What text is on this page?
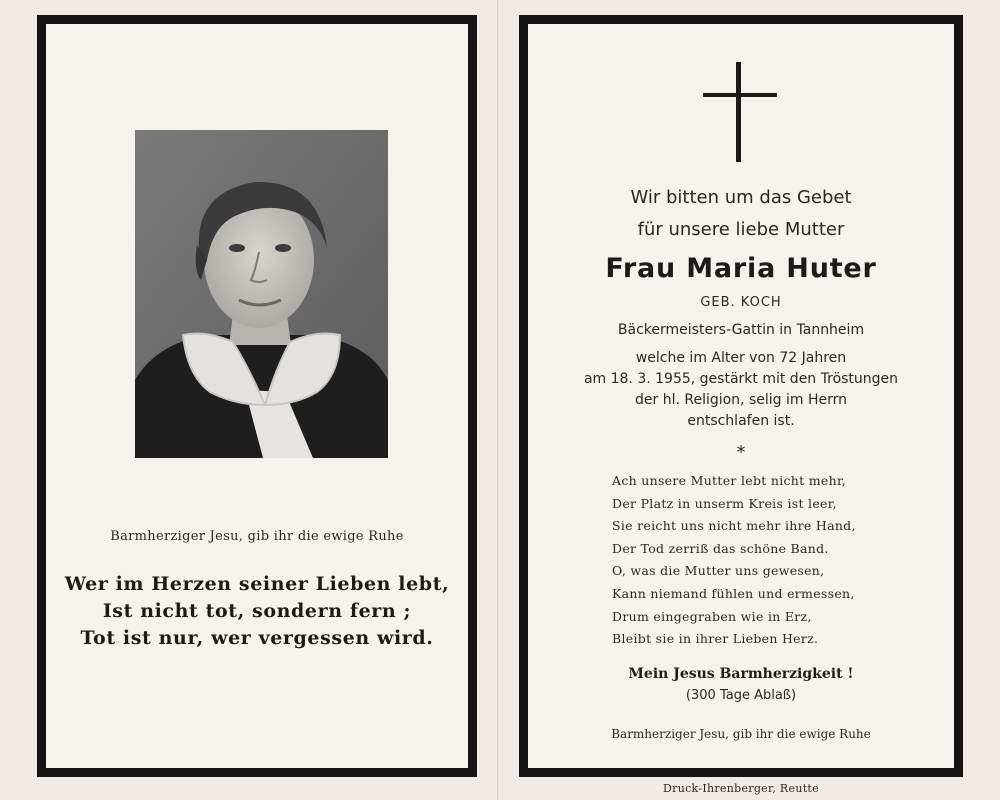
Barmherziger Jesu, gib ihr die ewige Ruhe
Wer im Herzen seiner Lieben lebt,
Ist nicht tot, sondern fern ;
Tot ist nur, wer vergessen wird.
Wir bitten um das Gebet
für unsere liebe Mutter
Frau Maria Huter
GEB. KOCH
Bäckermeisters-Gattin in Tannheim
welche im Alter von 72 Jahren
am 18. 3. 1955, gestärkt mit den Tröstungen
der hl. Religion, selig im Herrn
entschlafen ist.
*
Ach unsere Mutter lebt nicht mehr,
Der Platz in unserm Kreis ist leer,
Sie reicht uns nicht mehr ihre Hand,
Der Tod zerriß das schöne Band.
O, was die Mutter uns gewesen,
Kann niemand fühlen und ermessen,
Drum eingegraben wie in Erz,
Bleibt sie in ihrer Lieben Herz.
Mein Jesus Barmherzigkeit !
(300 Tage Ablaß)
Barmherziger Jesu, gib ihr die ewige Ruhe
Druck-Ihrenberger, Reutte
